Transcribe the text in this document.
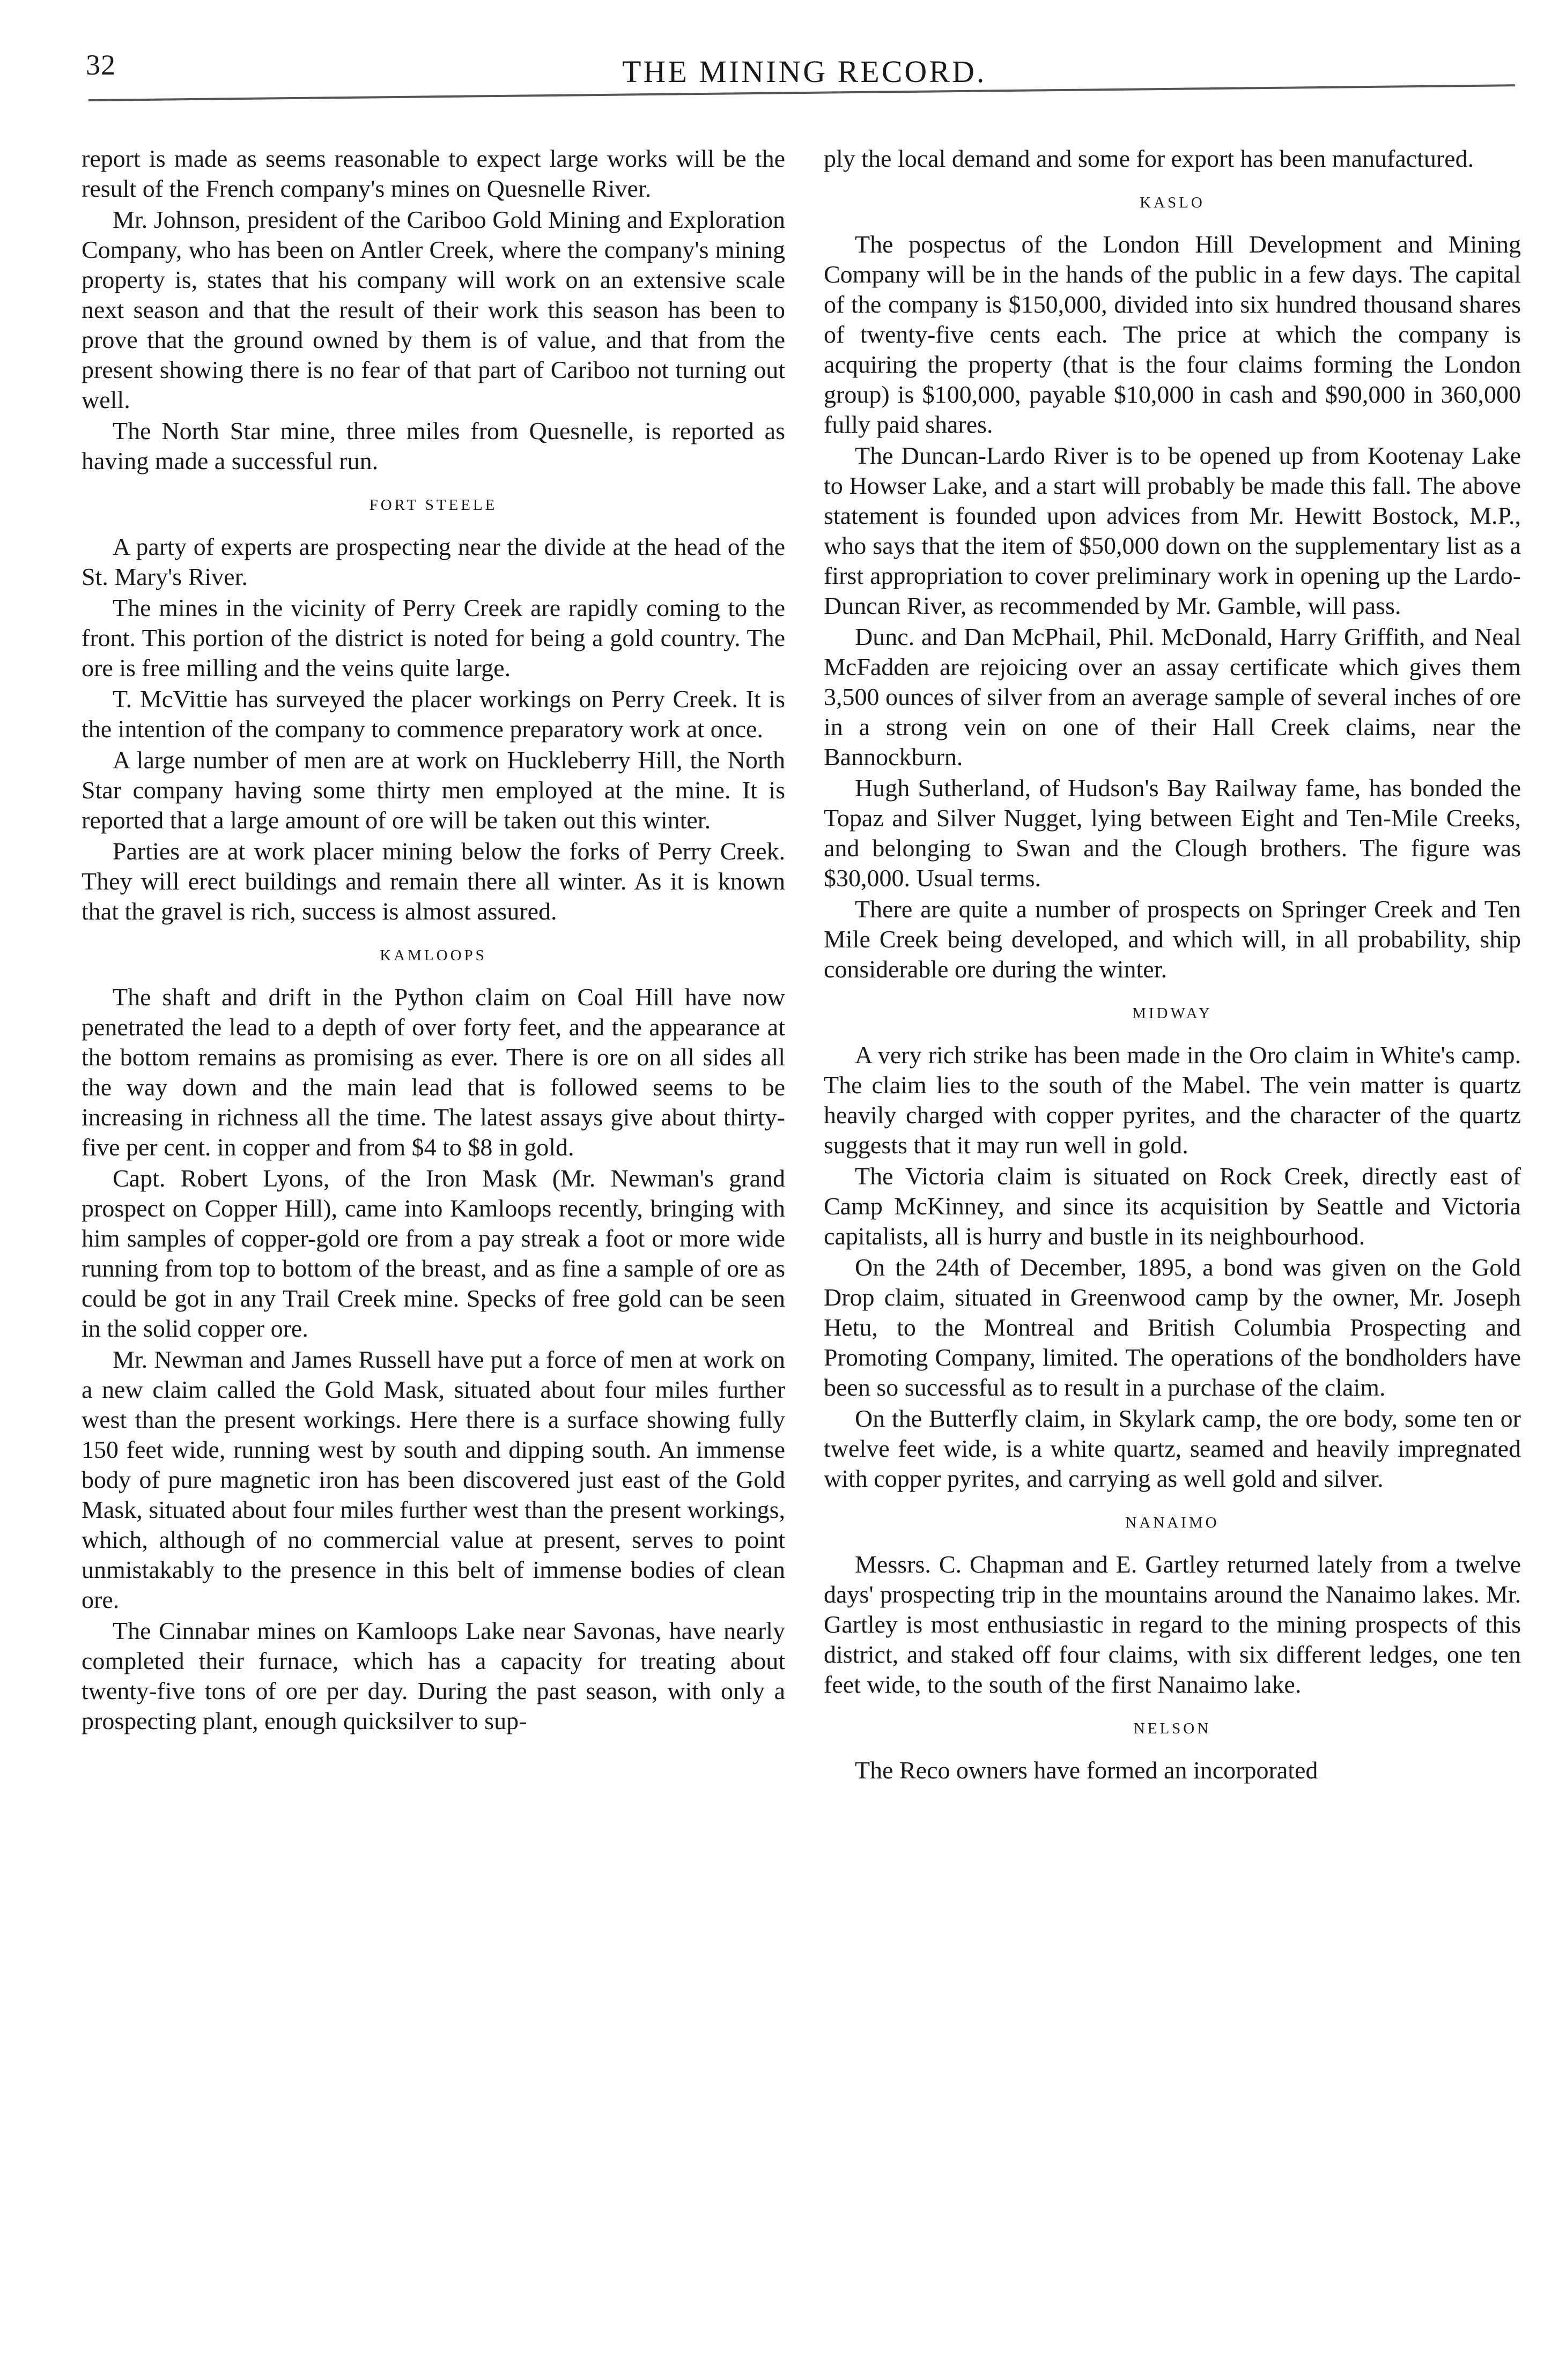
32	THE MINING RECORD.

report is made as seems reasonable to expect large works will be the result of the French company's mines on Quesnelle River.

Mr. Johnson, president of the Cariboo Gold Mining and Exploration Company, who has been on Antler Creek, where the company's mining property is, states that his company will work on an extensive scale next season and that the result of their work this season has been to prove that the ground owned by them is of value, and that from the present showing there is no fear of that part of Cariboo not turning out well.

The North Star mine, three miles from Quesnelle, is reported as having made a successful run.

FORT STEELE

A party of experts are prospecting near the divide at the head of the St. Mary's River.

The mines in the vicinity of Perry Creek are rapidly coming to the front. This portion of the district is noted for being a gold country. The ore is free milling and the veins quite large.

T. McVittie has surveyed the placer workings on Perry Creek. It is the intention of the company to commence preparatory work at once.

A large number of men are at work on Huckleberry Hill, the North Star company having some thirty men employed at the mine. It is reported that a large amount of ore will be taken out this winter.

Parties are at work placer mining below the forks of Perry Creek. They will erect buildings and remain there all winter. As it is known that the gravel is rich, success is almost assured.

KAMLOOPS

The shaft and drift in the Python claim on Coal Hill have now penetrated the lead to a depth of over forty feet, and the appearance at the bottom remains as promising as ever. There is ore on all sides all the way down and the main lead that is followed seems to be increasing in richness all the time. The latest assays give about thirty-five per cent. in copper and from $4 to $8 in gold.

Capt. Robert Lyons, of the Iron Mask (Mr. Newman's grand prospect on Copper Hill), came into Kamloops recently, bringing with him samples of copper-gold ore from a pay streak a foot or more wide running from top to bottom of the breast, and as fine a sample of ore as could be got in any Trail Creek mine. Specks of free gold can be seen in the solid copper ore.

Mr. Newman and James Russell have put a force of men at work on a new claim called the Gold Mask, situated about four miles further west than the present workings. Here there is a surface showing fully 150 feet wide, running west by south and dipping south. An immense body of pure magnetic iron has been discovered just east of the Gold Mask, situated about four miles further west than the present workings, which, although of no commercial value at present, serves to point unmistakably to the presence in this belt of immense bodies of clean ore.

The Cinnabar mines on Kamloops Lake near Savonas, have nearly completed their furnace, which has a capacity for treating about twenty-five tons of ore per day. During the past season, with only a prospecting plant, enough quicksilver to sup-

ply the local demand and some for export has been manufactured.

KASLO

The pospectus of the London Hill Development and Mining Company will be in the hands of the public in a few days. The capital of the company is $150,000, divided into six hundred thousand shares of twenty-five cents each. The price at which the company is acquiring the property (that is the four claims forming the London group) is $100,000, payable $10,000 in cash and $90,000 in 360,000 fully paid shares.

The Duncan-Lardo River is to be opened up from Kootenay Lake to Howser Lake, and a start will probably be made this fall. The above statement is founded upon advices from Mr. Hewitt Bostock, M.P., who says that the item of $50,000 down on the supplementary list as a first appropriation to cover preliminary work in opening up the Lardo-Duncan River, as recommended by Mr. Gamble, will pass.

Dunc. and Dan McPhail, Phil. McDonald, Harry Griffith, and Neal McFadden are rejoicing over an assay certificate which gives them 3,500 ounces of silver from an average sample of several inches of ore in a strong vein on one of their Hall Creek claims, near the Bannockburn.

Hugh Sutherland, of Hudson's Bay Railway fame, has bonded the Topaz and Silver Nugget, lying between Eight and Ten-Mile Creeks, and belonging to Swan and the Clough brothers. The figure was $30,000. Usual terms.

There are quite a number of prospects on Springer Creek and Ten Mile Creek being developed, and which will, in all probability, ship considerable ore during the winter.

MIDWAY

A very rich strike has been made in the Oro claim in White's camp. The claim lies to the south of the Mabel. The vein matter is quartz heavily charged with copper pyrites, and the character of the quartz suggests that it may run well in gold.

The Victoria claim is situated on Rock Creek, directly east of Camp McKinney, and since its acquisition by Seattle and Victoria capitalists, all is hurry and bustle in its neighbourhood.

On the 24th of December, 1895, a bond was given on the Gold Drop claim, situated in Greenwood camp by the owner, Mr. Joseph Hetu, to the Montreal and British Columbia Prospecting and Promoting Company, limited. The operations of the bondholders have been so successful as to result in a purchase of the claim.

On the Butterfly claim, in Skylark camp, the ore body, some ten or twelve feet wide, is a white quartz, seamed and heavily impregnated with copper pyrites, and carrying as well gold and silver.

NANAIMO

Messrs. C. Chapman and E. Gartley returned lately from a twelve days' prospecting trip in the mountains around the Nanaimo lakes. Mr. Gartley is most enthusiastic in regard to the mining prospects of this district, and staked off four claims, with six different ledges, one ten feet wide, to the south of the first Nanaimo lake.

NELSON

The Reco owners have formed an incorporated
